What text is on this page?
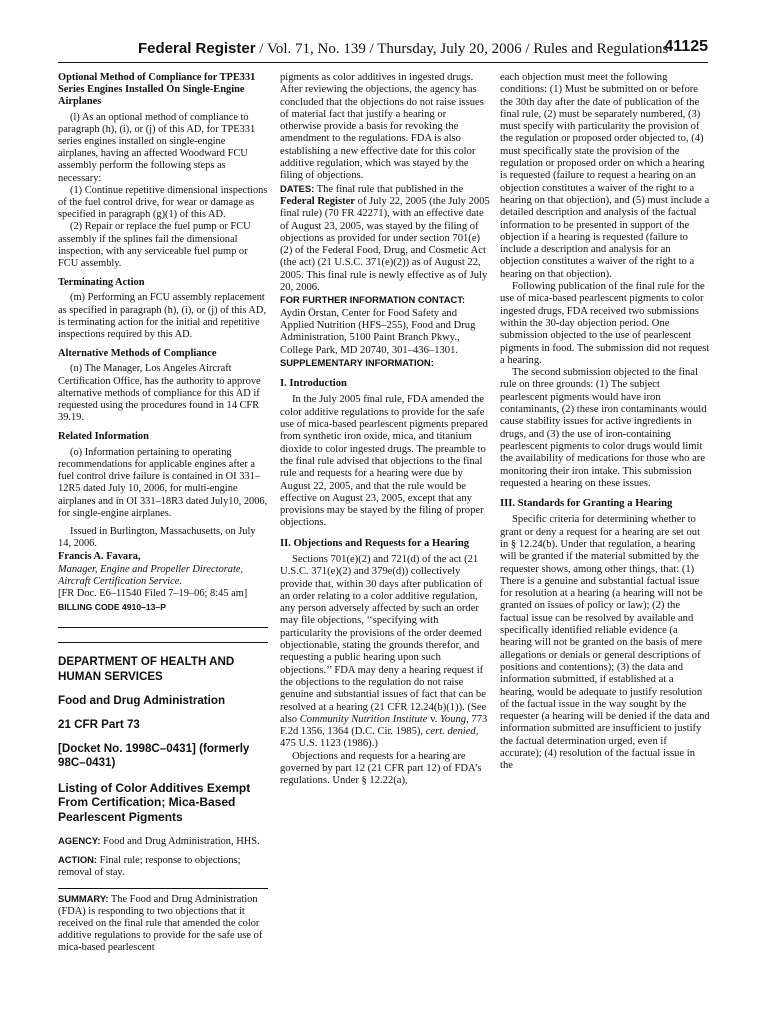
Federal Register / Vol. 71, No. 139 / Thursday, July 20, 2006 / Rules and Regulations
41125
Optional Method of Compliance for TPE331 Series Engines Installed On Single-Engine Airplanes

(l) As an optional method of compliance to paragraph (h), (i), or (j) of this AD, for TPE331 series engines installed on single-engine airplanes, having an affected Woodward FCU assembly perform the following steps as necessary:

(1) Continue repetitive dimensional inspections of the fuel control drive, for wear or damage as specified in paragraph (g)(1) of this AD.

(2) Repair or replace the fuel pump or FCU assembly if the splines fail the dimensional inspection, with any serviceable fuel pump or FCU assembly.

Terminating Action

(m) Performing an FCU assembly replacement as specified in paragraph (h), (i), or (j) of this AD, is terminating action for the initial and repetitive inspections required by this AD.

Alternative Methods of Compliance

(n) The Manager, Los Angeles Aircraft Certification Office, has the authority to approve alternative methods of compliance for this AD if requested using the procedures found in 14 CFR 39.19.

Related Information

(o) Information pertaining to operating recommendations for applicable engines after a fuel control drive failure is contained in OI 331–12R5 dated July 10, 2006, for multi-engine airplanes and in OI 331–18R3 dated July10, 2006, for single-engine airplanes.

Issued in Burlington, Massachusetts, on July 14, 2006.

Francis A. Favara,

Manager, Engine and Propeller Directorate, Aircraft Certification Service.

[FR Doc. E6–11540 Filed 7–19–06; 8:45 am]

BILLING CODE 4910–13–P

DEPARTMENT OF HEALTH AND HUMAN SERVICES

Food and Drug Administration

21 CFR Part 73

[Docket No. 1998C–0431] (formerly 98C–0431)

Listing of Color Additives Exempt From Certification; Mica-Based Pearlescent Pigments

AGENCY: Food and Drug Administration, HHS.

ACTION: Final rule; response to objections; removal of stay.

SUMMARY: The Food and Drug Administration (FDA) is responding to two objections that it received on the final rule that amended the color additive regulations to provide for the safe use of mica-based pearlescent

pigments as color additives in ingested drugs. After reviewing the objections, the agency has concluded that the objections do not raise issues of material fact that justify a hearing or otherwise provide a basis for revoking the amendment to the regulations. FDA is also establishing a new effective date for this color additive regulation, which was stayed by the filing of objections.

DATES: The final rule that published in the Federal Register of July 22, 2005 (the July 2005 final rule) (70 FR 42271), with an effective date of August 23, 2005, was stayed by the filing of objections as provided for under section 701(e)(2) of the Federal Food, Drug, and Cosmetic Act (the act) (21 U.S.C. 371(e)(2)) as of August 22, 2005. This final rule is newly effective as of July 20, 2006.

FOR FURTHER INFORMATION CONTACT:

Aydin Örstan, Center for Food Safety and Applied Nutrition (HFS–255), Food and Drug Administration, 5100 Paint Branch Pkwy., College Park, MD 20740, 301–436–1301.

SUPPLEMENTARY INFORMATION:

I. Introduction

In the July 2005 final rule, FDA amended the color additive regulations to provide for the safe use of mica-based pearlescent pigments prepared from synthetic iron oxide, mica, and titanium dioxide to color ingested drugs. The preamble to the final rule advised that objections to the final rule and requests for a hearing were due by August 22, 2005, and that the rule would be effective on August 23, 2005, except that any provisions may be stayed by the filing of proper objections.

II. Objections and Requests for a Hearing

Sections 701(e)(2) and 721(d) of the act (21 U.S.C. 371(e)(2) and 379e(d)) collectively provide that, within 30 days after publication of an order relating to a color additive regulation, any person adversely affected by such an order may file objections, ‘‘specifying with particularity the provisions of the order deemed objectionable, stating the grounds therefor, and requesting a public hearing upon such objections.’’ FDA may deny a hearing request if the objections to the regulation do not raise genuine and substantial issues of fact that can be resolved at a hearing (21 CFR 12.24(b)(1)). (See also Community Nutrition Institute v. Young, 773 F.2d 1356, 1364 (D.C. Cir. 1985), cert. denied, 475 U.S. 1123 (1986).)

Objections and requests for a hearing are governed by part 12 (21 CFR part 12) of FDA’s regulations. Under § 12.22(a),

each objection must meet the following conditions: (1) Must be submitted on or before the 30th day after the date of publication of the final rule, (2) must be separately numbered, (3) must specify with particularity the provision of the regulation or proposed order objected to, (4) must specifically state the provision of the regulation or proposed order on which a hearing is requested (failure to request a hearing on an objection constitutes a waiver of the right to a hearing on that objection), and (5) must include a detailed description and analysis of the factual information to be presented in support of the objection if a hearing is requested (failure to include a description and analysis for an objection constitutes a waiver of the right to a hearing on that objection).

Following publication of the final rule for the use of mica-based pearlescent pigments to color ingested drugs, FDA received two submissions within the 30-day objection period. One submission objected to the use of pearlescent pigments in food. The submission did not request a hearing.

The second submission objected to the final rule on three grounds: (1) The subject pearlescent pigments would have iron contaminants, (2) these iron contaminants would cause stability issues for active ingredients in drugs, and (3) the use of iron-containing pearlescent pigments to color drugs would limit the availability of medications for those who are monitoring their iron intake. This submission requested a hearing on these issues.

III. Standards for Granting a Hearing

Specific criteria for determining whether to grant or deny a request for a hearing are set out in § 12.24(b). Under that regulation, a hearing will be granted if the material submitted by the requester shows, among other things, that: (1) There is a genuine and substantial factual issue for resolution at a hearing (a hearing will not be granted on issues of policy or law); (2) the factual issue can be resolved by available and specifically identified reliable evidence (a hearing will not be granted on the basis of mere allegations or denials or general descriptions of positions and contentions); (3) the data and information submitted, if established at a hearing, would be adequate to justify resolution of the factual issue in the way sought by the requester (a hearing will be denied if the data and information submitted are insufficient to justify the factual determination urged, even if accurate); (4) resolution of the factual issue in the
